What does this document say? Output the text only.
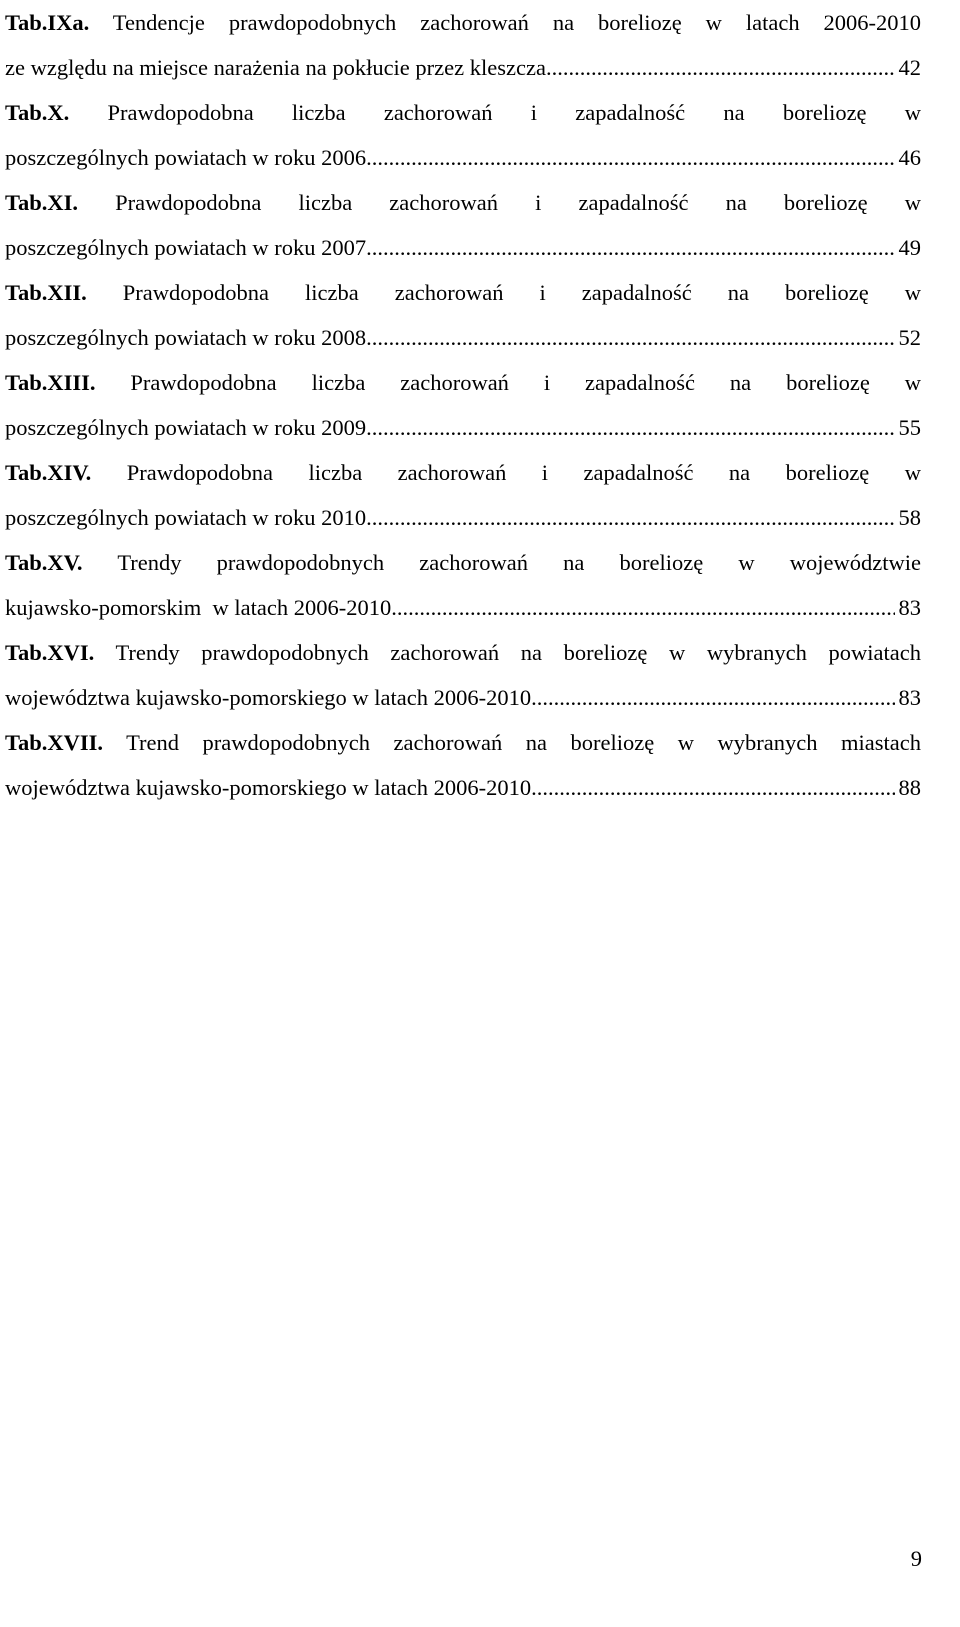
Tab.IXa. Tendencje prawdopodobnych zachorowań na boreliozę w latach 2006-2010
ze względu na miejsce narażenia na pokłucie przez kleszcza .....	42
Tab.X. Prawdopodobna liczba zachorowań i zapadalność na boreliozę w
poszczególnych powiatach w roku 2006. .....	46
Tab.XI. Prawdopodobna liczba zachorowań i zapadalność na boreliozę w
poszczególnych powiatach w roku 2007. .....	49
Tab.XII. Prawdopodobna liczba zachorowań i zapadalność na boreliozę w
poszczególnych powiatach w roku 2008 .....	52
Tab.XIII. Prawdopodobna liczba zachorowań i zapadalność na boreliozę w
poszczególnych powiatach w roku 2009. .....	55
Tab.XIV. Prawdopodobna liczba zachorowań i zapadalność na boreliozę w
poszczególnych powiatach w roku 2010. .....	58
Tab.XV. Trendy prawdopodobnych zachorowań na boreliozę w województwie
kujawsko-pomorskim  w latach 2006-2010. .....	83
Tab.XVI. Trendy prawdopodobnych zachorowań na boreliozę w wybranych powiatach
województwa kujawsko-pomorskiego w latach 2006-2010 .....	83
Tab.XVII. Trend prawdopodobnych zachorowań na boreliozę w wybranych miastach
województwa kujawsko-pomorskiego w latach 2006-2010 .....	88
9
